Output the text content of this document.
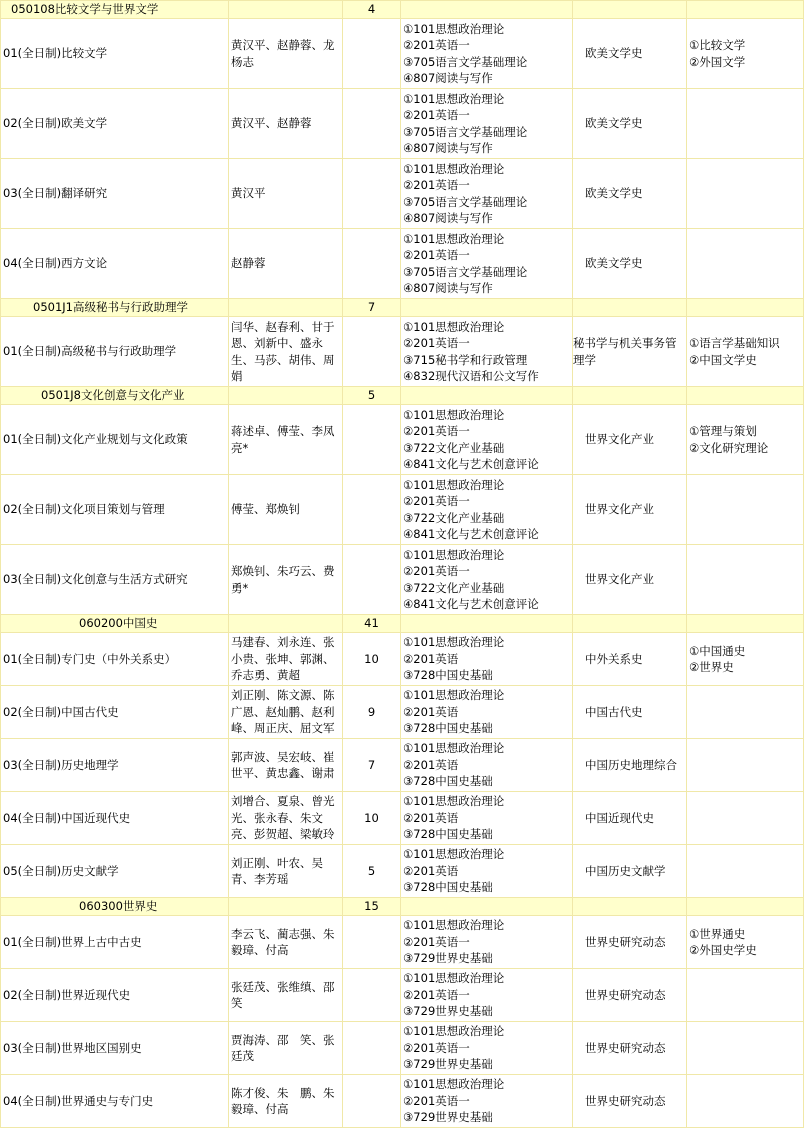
050108比较文学与世界文学		4			
01(全日制)比较文学	黄汉平、赵静蓉、龙杨志		①101思想政治理论
②201英语一
③705语言文学基础理论
④807阅读与写作	欧美文学史	①比较文学
②外国文学

02(全日制)欧美文学	黄汉平、赵静蓉		①101思想政治理论
②201英语一
③705语言文学基础理论
④807阅读与写作	欧美文学史	
03(全日制)翻译研究	黄汉平		①101思想政治理论
②201英语一
③705语言文学基础理论
④807阅读与写作	欧美文学史	
04(全日制)西方文论	赵静蓉		①101思想政治理论
②201英语一
③705语言文学基础理论
④807阅读与写作	欧美文学史	
0501J1高级秘书与行政助理学		7			
01(全日制)高级秘书与行政助理学	闫华、赵春利、甘于恩、刘新中、盛永生、马莎、胡伟、周娟		①101思想政治理论
②201英语一
③715秘书学和行政管理
④832现代汉语和公文写作	秘书学与机关事务管理学	①语言学基础知识
②中国文学史

0501J8文化创意与文化产业		5			
01(全日制)文化产业规划与文化政策	蒋述卓、傅莹、李凤亮*		①101思想政治理论
②201英语一
③722文化产业基础
④841文化与艺术创意评论	世界文化产业	①管理与策划
②文化研究理论

02(全日制)文化项目策划与管理	傅莹、郑焕钊		①101思想政治理论
②201英语一
③722文化产业基础
④841文化与艺术创意评论	世界文化产业	
03(全日制)文化创意与生活方式研究	郑焕钊、朱巧云、费勇*		①101思想政治理论
②201英语一
③722文化产业基础
④841文化与艺术创意评论	世界文化产业	
060200中国史		41			
01(全日制)专门史（中外关系史）	马建春、刘永连、张小贵、张坤、郭渊、乔志勇、黄超	10	①101思想政治理论
②201英语
③728中国史基础	中外关系史	①中国通史
②世界史

02(全日制)中国古代史	刘正刚、陈文源、陈广恩、赵灿鹏、赵利峰、周正庆、屈文军	9	①101思想政治理论
②201英语
③728中国史基础	中国古代史	
03(全日制)历史地理学	郭声波、吴宏岐、崔世平、黄忠鑫、谢肃	7	①101思想政治理论
②201英语
③728中国史基础	中国历史地理综合	
04(全日制)中国近现代史	刘增合、夏泉、曾光光、张永春、朱文亮、彭贺超、梁敏玲	10	①101思想政治理论
②201英语
③728中国史基础	中国近现代史	
05(全日制)历史文献学	刘正刚、叶农、吴青、李芳瑶	5	①101思想政治理论
②201英语
③728中国史基础	中国历史文献学	
060300世界史		15			
01(全日制)世界上古中古史	李云飞、蔺志强、朱毅璋、付高		①101思想政治理论
②201英语一
③729世界史基础	世界史研究动态	①世界通史
②外国史学史

02(全日制)世界近现代史	张廷茂、张维缜、邵笑		①101思想政治理论
②201英语一
③729世界史基础	世界史研究动态	
03(全日制)世界地区国别史	贾海涛、邵　笑、张廷茂		①101思想政治理论
②201英语一
③729世界史基础	世界史研究动态	
04(全日制)世界通史与专门史	陈才俊、朱　鹏、朱毅璋、付高		①101思想政治理论
②201英语一
③729世界史基础	世界史研究动态	
